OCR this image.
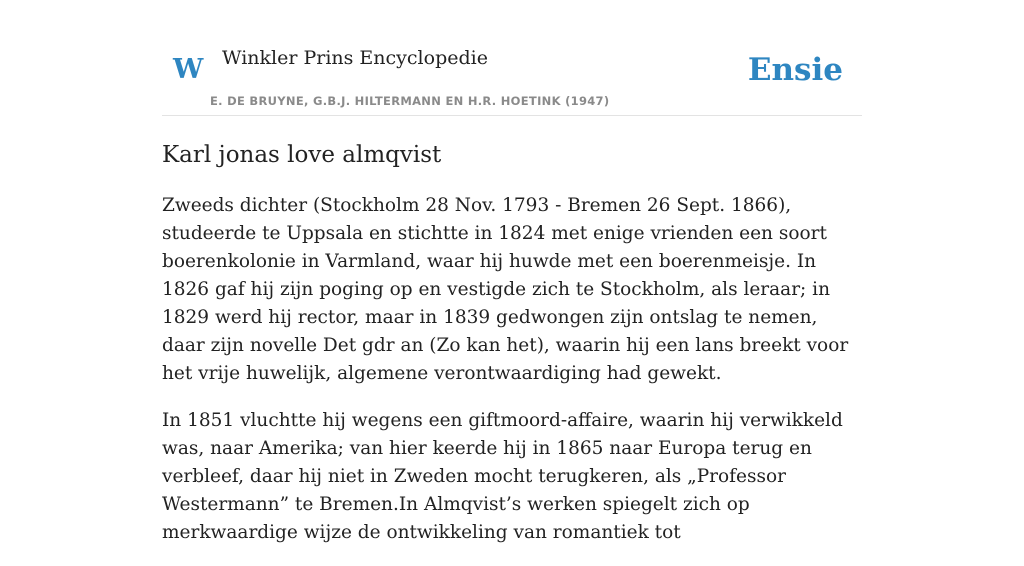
W Winkler Prins Encyclopedie
E. DE BRUYNE, G.B.J. HILTERMANN EN H.R. HOETINK (1947)
Ensie
Karl jonas love almqvist

Zweeds dichter (Stockholm 28 Nov. 1793 - Bremen 26 Sept. 1866), studeerde te Uppsala en stichtte in 1824 met enige vrienden een soort boerenkolonie in Varmland, waar hij huwde met een boerenmeisje. In 1826 gaf hij zijn poging op en vestigde zich te Stockholm, als leraar; in 1829 werd hij rector, maar in 1839 gedwongen zijn ontslag te nemen, daar zijn novelle Det gdr an (Zo kan het), waarin hij een lans breekt voor het vrije huwelijk, algemene verontwaardiging had gewekt.

In 1851 vluchtte hij wegens een giftmoord-affaire, waarin hij verwikkeld was, naar Amerika; van hier keerde hij in 1865 naar Europa terug en verbleef, daar hij niet in Zweden mocht terugkeren, als „Professor Westermann” te Bremen.In Almqvist’s werken spiegelt zich op merkwaardige wijze de ontwikkeling van romantiek tot
